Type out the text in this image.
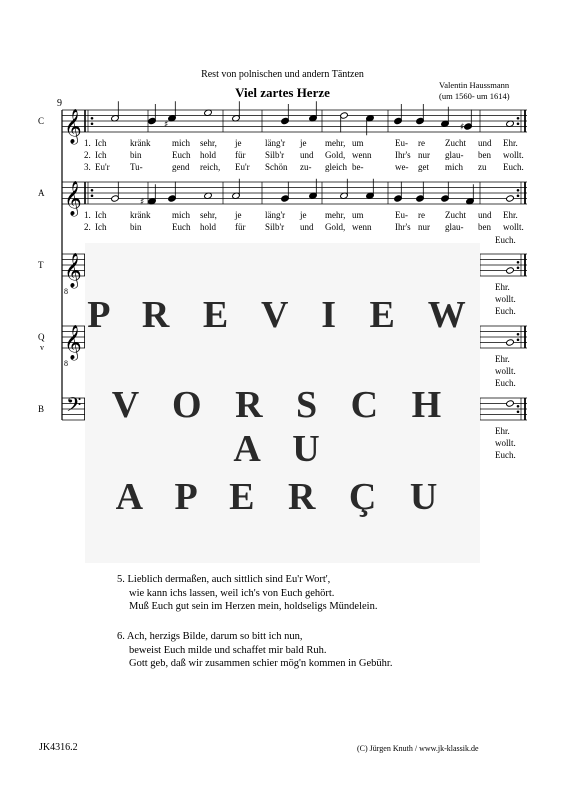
Rest von polnischen und andern Täntzen
Viel zartes Herze	Valentin Haussmann
(um 1560- um 1614)
9
C 𝄞
A 𝄞
T 𝄞
8
Q
v 𝄞
8
B 𝄢
♯	♯
♯
1. Ich	kränk mich sehr, je	läng'r je mehr, um	Eu- re Zucht und Ehr.
2. Ich	bin	Euch hold für Silb'r und Gold, wenn	Ihr's nur glau- ben wollt.
3. Eu'r Tu-	gend reich, Eu'r Schön zu- gleich be-	we- get mich zu Euch.
1. Ich	kränk mich sehr, je	läng'r je mehr, um	Eu- re Zucht und Ehr.
2. Ich	bin	Euch hold für Silb'r und Gold, wenn	Ihr's nur glau- ben wollt.
Euch.
Ehr.
wollt.
Euch.
Ehr.
wollt.
Euch.
Ehr.
wollt.
Euch.
P R E V I E W
V O R S C H A U
A P E R Ç U
5. Lieblich dermaßen, auch sittlich sind Eu'r Wort',
wie kann ichs lassen, weil ich's von Euch gehört.
Muß Euch gut sein im Herzen mein, holdseligs Mündelein.
6. Ach, herzigs Bilde, darum so bitt ich nun,
beweist Euch milde und schaffet mir bald Ruh.
Gott geb, daß wir zusammen schier mög'n kommen in Gebühr.
JK4316.2	(C) Jürgen Knuth / www.jk-klassik.de
